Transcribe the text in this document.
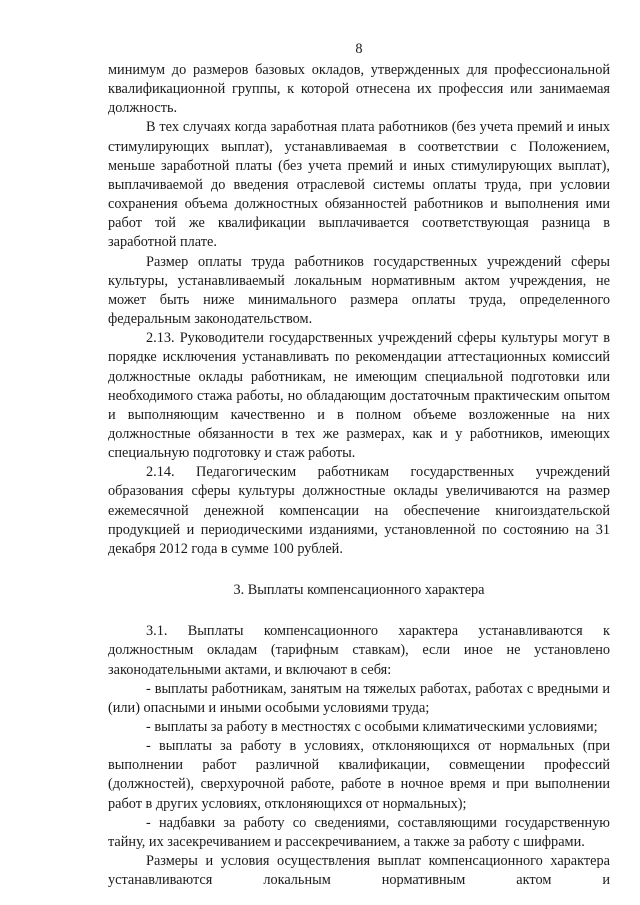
8

минимум до размеров базовых окладов, утвержденных для профессиональной квалификационной группы, к которой отнесена их профессия или занимаемая должность.

В тех случаях когда заработная плата работников (без учета премий и иных стимулирующих выплат), устанавливаемая в соответствии с Положением, меньше заработной платы (без учета премий и иных стимулирующих выплат), выплачиваемой до введения отраслевой системы оплаты труда, при условии сохранения объема должностных обязанностей работников и выполнения ими работ той же квалификации выплачивается соответствующая разница в заработной плате.

Размер оплаты труда работников государственных учреждений сферы культуры, устанавливаемый локальным нормативным актом учреждения, не может быть ниже минимального размера оплаты труда, определенного федеральным законодательством.

2.13. Руководители государственных учреждений сферы культуры могут в порядке исключения устанавливать по рекомендации аттестационных комиссий должностные оклады работникам, не имеющим специальной подготовки или необходимого стажа работы, но обладающим достаточным практическим опытом и выполняющим качественно и в полном объеме возложенные на них должностные обязанности в тех же размерах, как и у работников, имеющих специальную подготовку и стаж работы.

2.14. Педагогическим работникам государственных учреждений образования сферы культуры должностные оклады увеличиваются на размер ежемесячной денежной компенсации на обеспечение книгоиздательской продукцией и периодическими изданиями, установленной по состоянию на 31 декабря 2012 года в сумме 100 рублей.

3. Выплаты компенсационного характера

3.1. Выплаты компенсационного характера устанавливаются к должностным окладам (тарифным ставкам), если иное не установлено законодательными актами, и включают в себя:

- выплаты работникам, занятым на тяжелых работах, работах с вредными и (или) опасными и иными особыми условиями труда;

- выплаты за работу в местностях с особыми климатическими условиями;

- выплаты за работу в условиях, отклоняющихся от нормальных (при выполнении работ различной квалификации, совмещении профессий (должностей), сверхурочной работе, работе в ночное время и при выполнении работ в других условиях, отклоняющихся от нормальных);

- надбавки за работу со сведениями, составляющими государственную тайну, их засекречиванием и рассекречиванием, а также за работу с шифрами.

Размеры и условия осуществления выплат компенсационного характера устанавливаются локальным нормативным актом и
